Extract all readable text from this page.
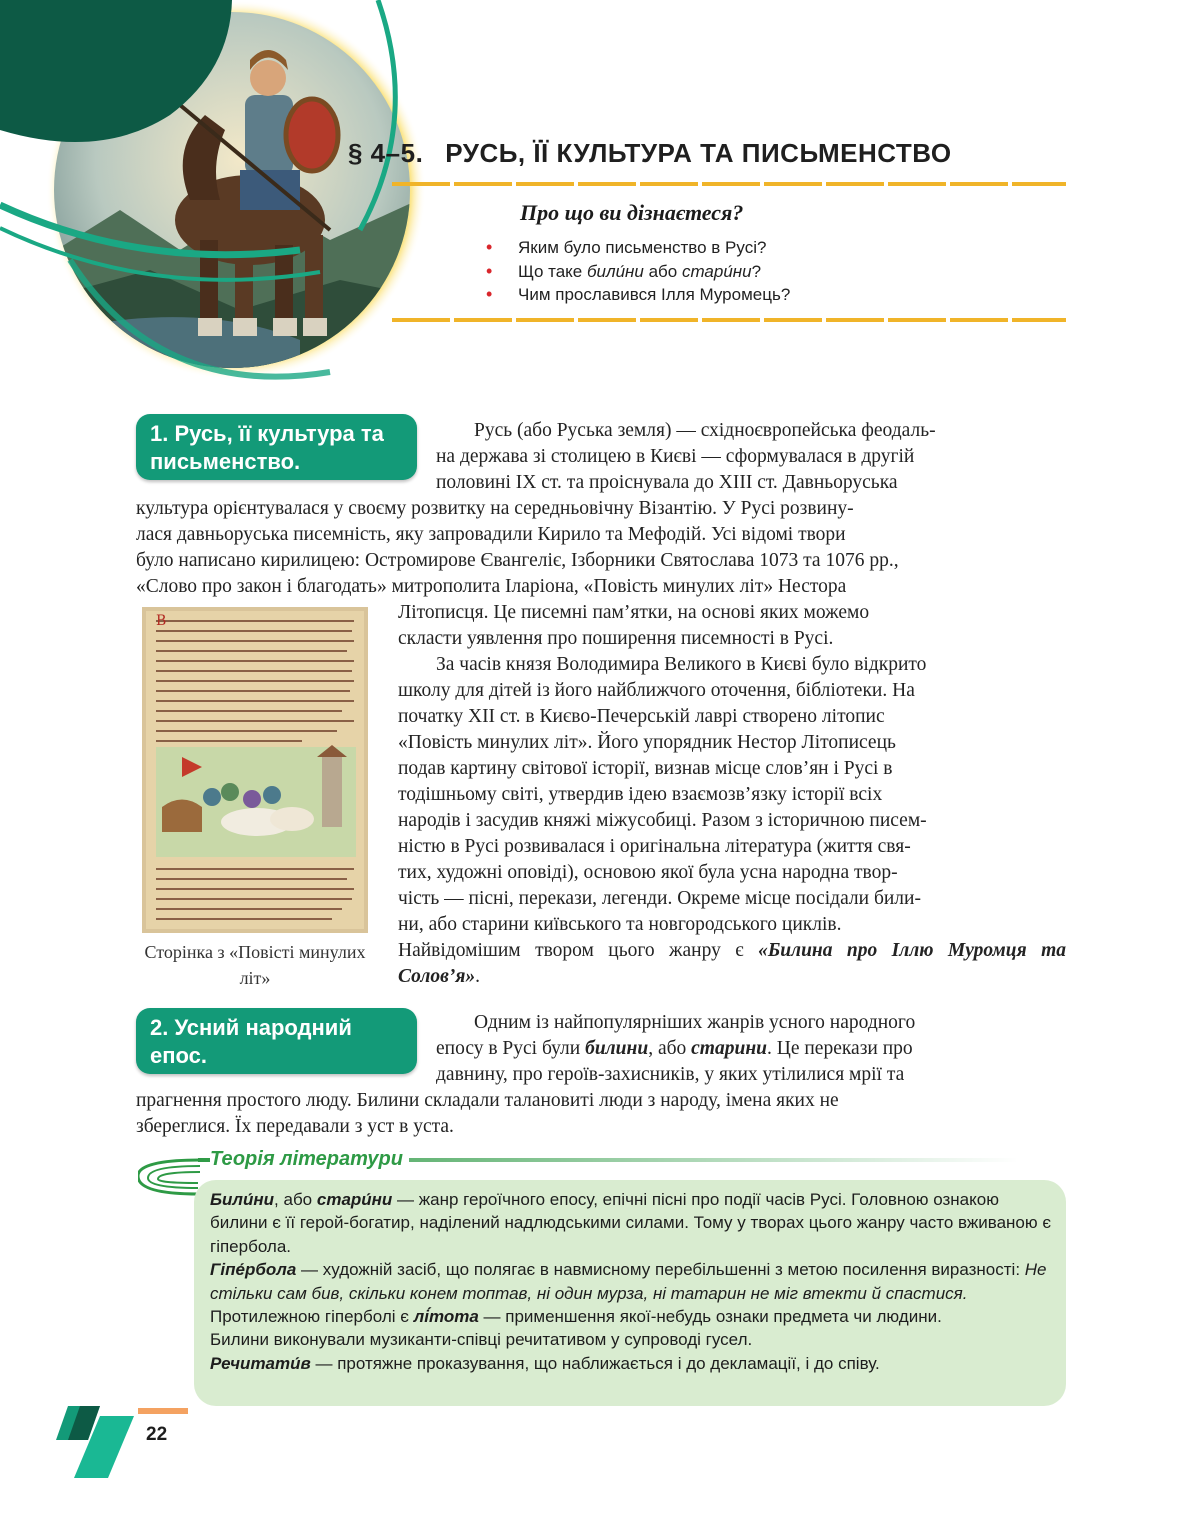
§ 4–5. РУСЬ, ЇЇ КУЛЬТУРА ТА ПИСЬМЕНСТВО
Про що ви дізнаєтеся?
• Яким було письменство в Русі?
• Що таке били́ни або стари́ни?
• Чим прославився Ілля Муромець?
1. Русь, її культура та письменство.

Русь (або Руська земля) — східноєвропейська феодаль-

на держава зі столицею в Києві — сформувалася в другій

половині IX ст. та проіснувала до XIII ст. Давньоруська

культура орієнтувалася у своєму розвитку на середньовічну Візантію. У Русі розвину-

лася давньоруська писемність, яку запровадили Кирило та Мефодій. Усі відомі твори

було написано кирилицею: Остромирове Євангеліє, Ізборники Святослава 1073 та 1076 рр.,

«Слово про закон і благодать» митрополита Іларіона, «Повість минулих літ» Нестора

В
Сторінка з «Повісті минулих літ»

Літописця. Це писемні пам’ятки, на основі яких можемо

скласти уявлення про поширення писемності в Русі.

За часів князя Володимира Великого в Києві було відкрито

школу для дітей із його найближчого оточення, бібліотеки. На

початку XII ст. в Києво-Печерській лаврі створено літопис

«Повість минулих літ». Його упорядник Нестор Літописець

подав картину світової історії, визнав місце слов’ян і Русі в

тодішньому світі, утвердив ідею взаємозв’язку історії всіх

народів і засудив княжі міжусобиці. Разом з історичною писем-

ністю в Русі розвивалася і оригінальна література (життя свя-

тих, художні оповіді), основою якої була усна народна твор-

чість — пісні, перекази, легенди. Окреме місце посідали били-

ни, або старини київського та новгородського циклів.

Найвідомішим твором цього жанру є «Билина про Іллю Муромця та Солов’я».

2. Усний народний епос.

Одним із найпопулярніших жанрів усного народного

епосу в Русі були билини, або старини. Це перекази про

давнину, про героїв-захисників, у яких утілилися мрії та

прагнення простого люду. Билини складали талановиті люди з народу, імена яких не

збереглися. Їх передавали з уст в уста.

Теорія літератури

Били́ни, або стари́ни — жанр героїчного епосу, епічні пісні про події часів Русі. Головною ознакою билини є її герой-богатир, наділений надлюдськими силами. Тому у творах цього жанру часто вживаною є гіпербола.

Гіпе́рбола — художній засіб, що полягає в навмисному перебільшенні з метою посилення виразності: Не стільки сам бив, скільки конем топтав, ні один мурза, ні татарин не міг втекти й спастися. Протилежною гіперболі є лі́тота — применшення якої-небудь ознаки предмета чи людини.

Билини виконували музиканти-співці речитативом у супроводі гусел.

Речитати́в — протяжне проказування, що наближається і до декламації, і до співу.

22
